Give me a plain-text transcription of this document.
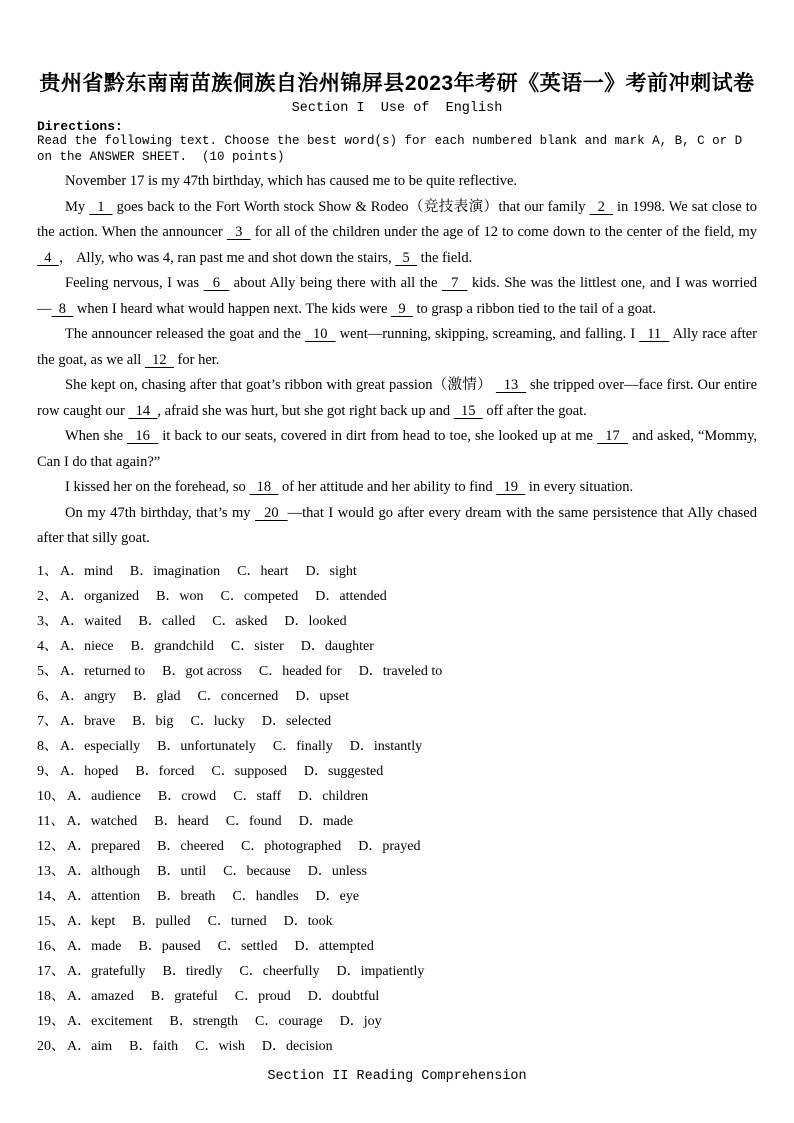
贵州省黔东南南苗族侗族自治州锦屏县2023年考研《英语一》考前冲刺试卷
Section I  Use of  English
Directions:
Read the following text. Choose the best word(s) for each numbered blank and mark A, B, C or D on the ANSWER SHEET.  (10 points)

November 17 is my 47th birthday, which has caused me to be quite reflective.

My   1   goes back to the Fort Worth stock Show & Rodeo（竞技表演）that our family   2   in 1998. We sat close to the action. When the announcer   3   for all of the children under the age of 12 to come down to the center of the field, my   4  ， Ally, who was 4, ran past me and shot down the stairs,   5   the field.

Feeling nervous, I was   6   about Ally being there with all the   7   kids. She was the littlest one, and I was worried—  8   when I heard what would happen next. The kids were   9   to grasp a ribbon tied to the tail of a goat.

The announcer released the goat and the   10   went—running, skipping, screaming, and falling. I   11   Ally race after the goat, as we all   12   for her.

She kept on, chasing after that goat’s ribbon with great passion（激情）   13   she tripped over—face first. Our entire row caught our   14  , afraid she was hurt, but she got right back up and   15   off after the goat.

When she   16   it back to our seats, covered in dirt from head to toe, she looked up at me   17   and asked, “Mommy, Can I do that again?”

I kissed her on the forehead, so   18   of her attitude and her ability to find   19   in every situation.

On my 47th birthday, that’s my   20  —that I would go after every dream with the same persistence that Ally chased after that silly goat.

1、 A．mind B．imagination C．heart D．sight
2、 A．organized B．won C．competed D．attended
3、 A．waited B．called C．asked D．looked
4、 A．niece B．grandchild C．sister D．daughter
5、 A．returned to B．got across C．headed for D．traveled to
6、 A．angry B．glad C．concerned D．upset
7、 A．brave B．big C．lucky D．selected
8、 A．especially B．unfortunately C．finally D．instantly
9、 A．hoped B．forced C．supposed D．suggested
10、 A．audience B．crowd C．staff D．children
11、 A．watched B．heard C．found D．made
12、 A．prepared B．cheered C．photographed D．prayed
13、 A．although B．until C．because D．unless
14、 A．attention B．breath C．handles D．eye
15、 A．kept B．pulled C．turned D．took
16、 A．made B．paused C．settled D．attempted
17、 A．gratefully B．tiredly C．cheerfully D．impatiently
18、 A．amazed B．grateful C．proud D．doubtful
19、 A．excitement B．strength C．courage D．joy
20、 A．aim B．faith C．wish D．decision
Section II Reading Comprehension
